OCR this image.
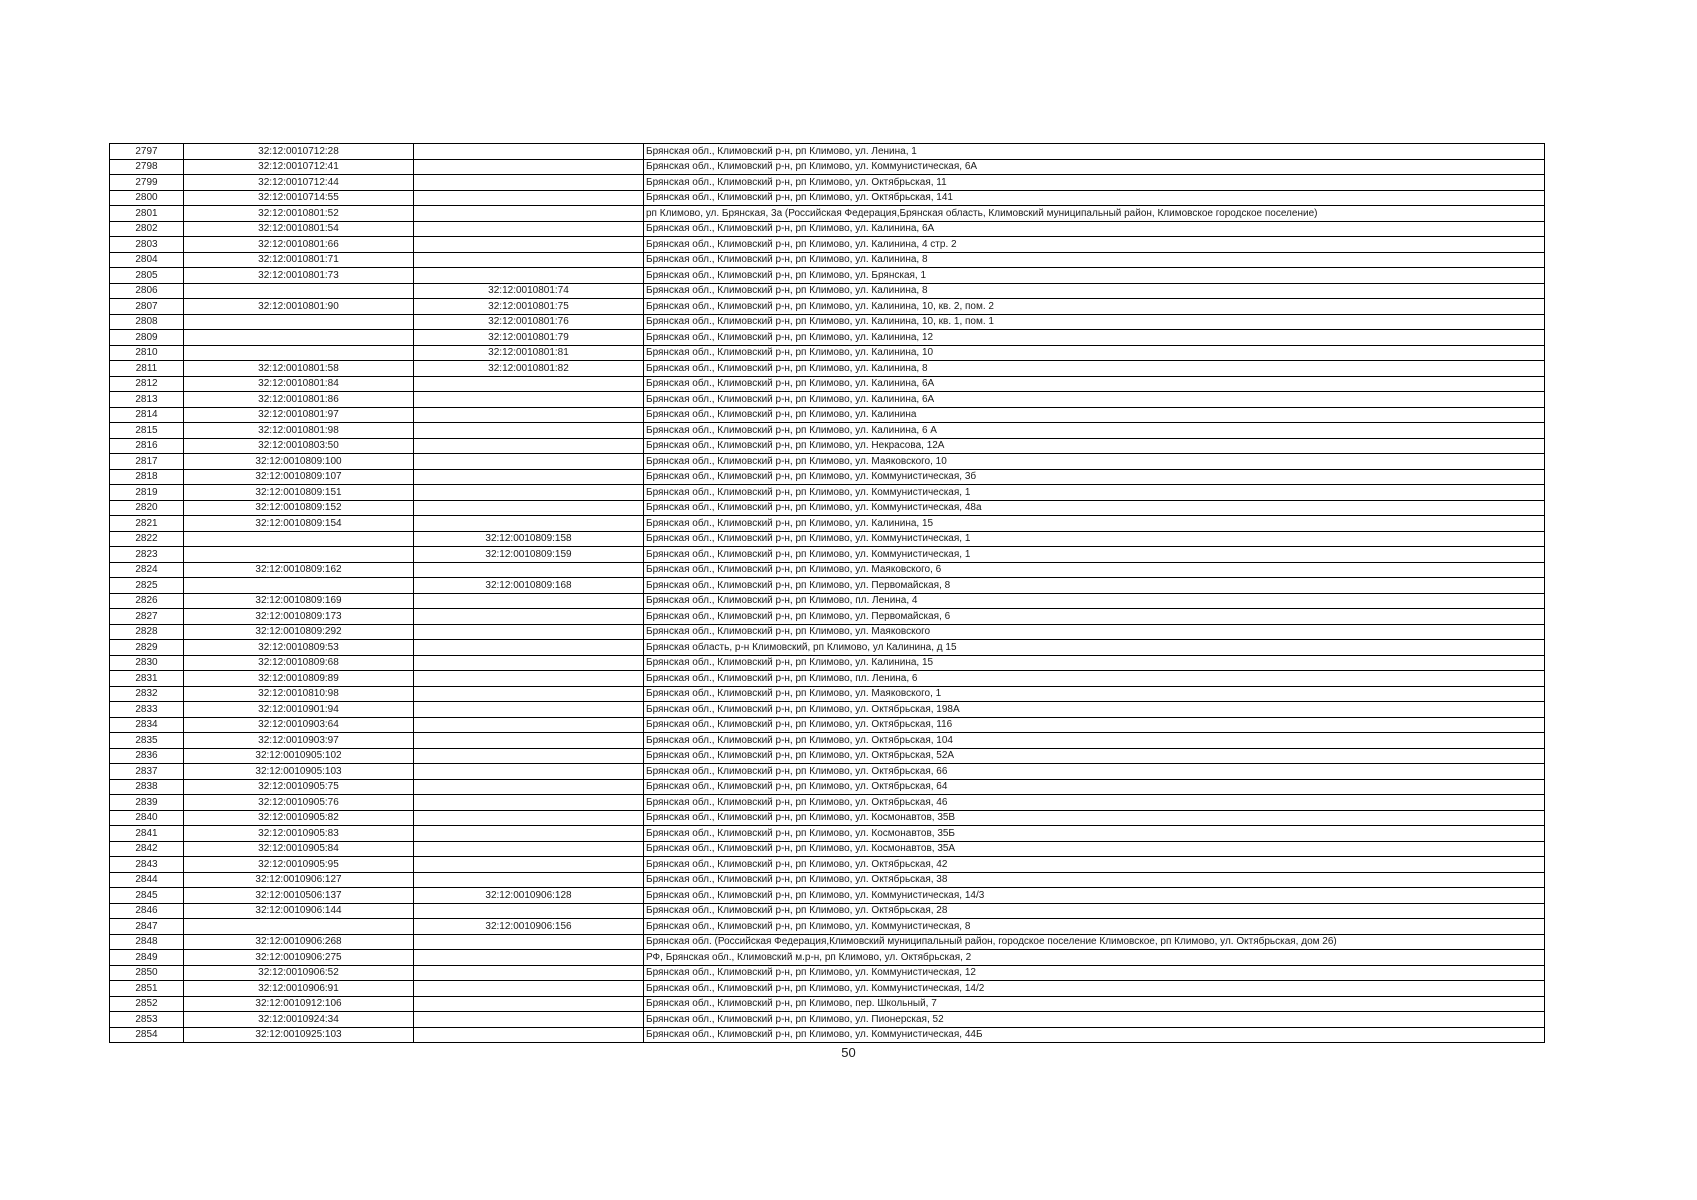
2797	32:12:0010712:28		Брянская обл., Климовский р-н, рп Климово, ул. Ленина, 1
2798	32:12:0010712:41		Брянская обл., Климовский р-н, рп Климово, ул. Коммунистическая, 6А
2799	32:12:0010712:44		Брянская обл., Климовский р-н, рп Климово, ул. Октябрьская, 11
2800	32:12:0010714:55		Брянская обл., Климовский р-н, рп Климово, ул. Октябрьская, 141
2801	32:12:0010801:52		рп Климово, ул. Брянская, 3а (Российская Федерация,Брянская область, Климовский муниципальный район, Климовское городское поселение)
2802	32:12:0010801:54		Брянская обл., Климовский р-н, рп Климово, ул. Калинина, 6А
2803	32:12:0010801:66		Брянская обл., Климовский р-н, рп Климово, ул. Калинина, 4 стр. 2
2804	32:12:0010801:71		Брянская обл., Климовский р-н, рп Климово, ул. Калинина, 8
2805	32:12:0010801:73		Брянская обл., Климовский р-н, рп Климово, ул. Брянская, 1
2806		32:12:0010801:74	Брянская обл., Климовский р-н, рп Климово, ул. Калинина, 8
2807	32:12:0010801:90	32:12:0010801:75	Брянская обл., Климовский р-н, рп Климово, ул. Калинина, 10, кв. 2, пом. 2
2808		32:12:0010801:76	Брянская обл., Климовский р-н, рп Климово, ул. Калинина, 10, кв. 1, пом. 1
2809		32:12:0010801:79	Брянская обл., Климовский р-н, рп Климово, ул. Калинина, 12
2810		32:12:0010801:81	Брянская обл., Климовский р-н, рп Климово, ул. Калинина, 10
2811	32:12:0010801:58	32:12:0010801:82	Брянская обл., Климовский р-н, рп Климово, ул. Калинина, 8
2812	32:12:0010801:84		Брянская обл., Климовский р-н, рп Климово, ул. Калинина, 6А
2813	32:12:0010801:86		Брянская обл., Климовский р-н, рп Климово, ул. Калинина, 6А
2814	32:12:0010801:97		Брянская обл., Климовский р-н, рп Климово, ул. Калинина
2815	32:12:0010801:98		Брянская обл., Климовский р-н, рп Климово, ул. Калинина, 6 А
2816	32:12:0010803:50		Брянская обл., Климовский р-н, рп Климово, ул. Некрасова, 12А
2817	32:12:0010809:100		Брянская обл., Климовский р-н, рп Климово, ул. Маяковского, 10
2818	32:12:0010809:107		Брянская обл., Климовский р-н, рп Климово, ул. Коммунистическая, 3б
2819	32:12:0010809:151		Брянская обл., Климовский р-н, рп Климово, ул. Коммунистическая, 1
2820	32:12:0010809:152		Брянская обл., Климовский р-н, рп Климово, ул. Коммунистическая, 48а
2821	32:12:0010809:154		Брянская обл., Климовский р-н, рп Климово, ул. Калинина, 15
2822		32:12:0010809:158	Брянская обл., Климовский р-н, рп Климово, ул. Коммунистическая, 1
2823		32:12:0010809:159	Брянская обл., Климовский р-н, рп Климово, ул. Коммунистическая, 1
2824	32:12:0010809:162		Брянская обл., Климовский р-н, рп Климово, ул. Маяковского, 6
2825		32:12:0010809:168	Брянская обл., Климовский р-н, рп Климово, ул. Первомайская, 8
2826	32:12:0010809:169		Брянская обл., Климовский р-н, рп Климово, пл. Ленина, 4
2827	32:12:0010809:173		Брянская обл., Климовский р-н, рп Климово, ул. Первомайская, 6
2828	32:12:0010809:292		Брянская обл., Климовский р-н, рп Климово, ул. Маяковского
2829	32:12:0010809:53		Брянская область, р-н Климовский, рп Климово, ул Калинина, д 15
2830	32:12:0010809:68		Брянская обл., Климовский р-н, рп Климово, ул. Калинина, 15
2831	32:12:0010809:89		Брянская обл., Климовский р-н, рп Климово, пл. Ленина, 6
2832	32:12:0010810:98		Брянская обл., Климовский р-н, рп Климово, ул. Маяковского, 1
2833	32:12:0010901:94		Брянская обл., Климовский р-н, рп Климово, ул. Октябрьская, 198А
2834	32:12:0010903:64		Брянская обл., Климовский р-н, рп Климово, ул. Октябрьская, 116
2835	32:12:0010903:97		Брянская обл., Климовский р-н, рп Климово, ул. Октябрьская, 104
2836	32:12:0010905:102		Брянская обл., Климовский р-н, рп Климово, ул. Октябрьская, 52А
2837	32:12:0010905:103		Брянская обл., Климовский р-н, рп Климово, ул. Октябрьская, 66
2838	32:12:0010905:75		Брянская обл., Климовский р-н, рп Климово, ул. Октябрьская, 64
2839	32:12:0010905:76		Брянская обл., Климовский р-н, рп Климово, ул. Октябрьская, 46
2840	32:12:0010905:82		Брянская обл., Климовский р-н, рп Климово, ул. Космонавтов, 35В
2841	32:12:0010905:83		Брянская обл., Климовский р-н, рп Климово, ул. Космонавтов, 35Б
2842	32:12:0010905:84		Брянская обл., Климовский р-н, рп Климово, ул. Космонавтов, 35А
2843	32:12:0010905:95		Брянская обл., Климовский р-н, рп Климово, ул. Октябрьская, 42
2844	32:12:0010906:127		Брянская обл., Климовский р-н, рп Климово, ул. Октябрьская, 38
2845	32:12:0010506:137	32:12:0010906:128	Брянская обл., Климовский р-н, рп Климово, ул. Коммунистическая, 14/3
2846	32:12:0010906:144		Брянская обл., Климовский р-н, рп Климово, ул. Октябрьская, 28
2847		32:12:0010906:156	Брянская обл., Климовский р-н, рп Климово, ул. Коммунистическая, 8
2848	32:12:0010906:268		Брянская обл. (Российская Федерация,Климовский муниципальный район, городское поселение Климовское, рп Климово, ул. Октябрьская, дом 26)
2849	32:12:0010906:275		РФ, Брянская обл., Климовский м.р-н, рп Климово, ул. Октябрьская, 2
2850	32:12:0010906:52		Брянская обл., Климовский р-н, рп Климово, ул. Коммунистическая, 12
2851	32:12:0010906:91		Брянская обл., Климовский р-н, рп Климово, ул. Коммунистическая, 14/2
2852	32:12:0010912:106		Брянская обл., Климовский р-н, рп Климово, пер. Школьный, 7
2853	32:12:0010924:34		Брянская обл., Климовский р-н, рп Климово, ул. Пионерская, 52
2854	32:12:0010925:103		Брянская обл., Климовский р-н, рп Климово, ул. Коммунистическая, 44Б
50
